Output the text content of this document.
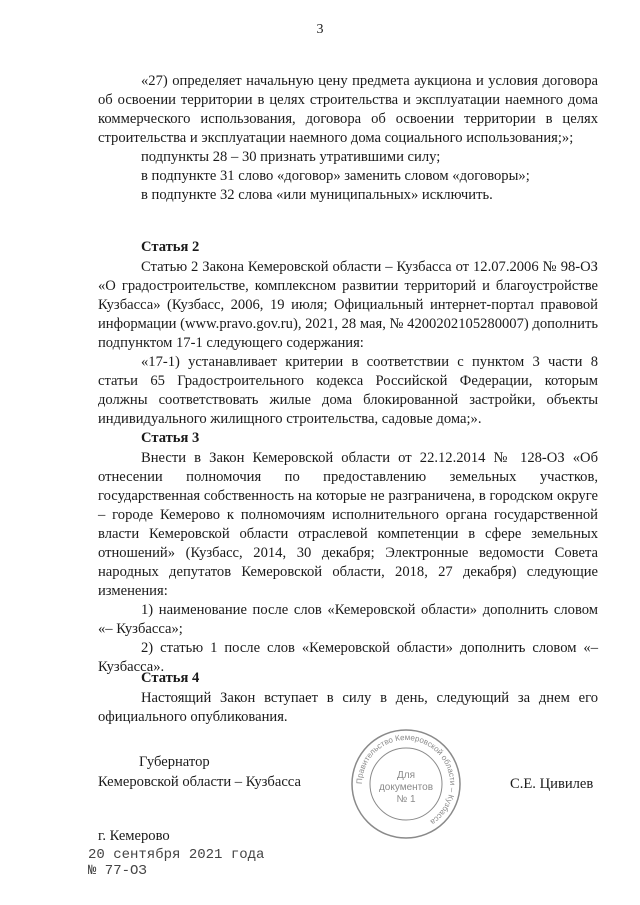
3

«27) определяет начальную цену предмета аукциона и условия договора об освоении территории в целях строительства и эксплуатации наемного дома коммерческого использования, договора об освоении территории в целях строительства и эксплуатации наемного дома социального использования;»;

подпункты 28 – 30 признать утратившими силу;

в подпункте 31 слово «договор» заменить словом «договоры»;

в подпункте 32 слова «или муниципальных» исключить.

Статья 2

Статью 2 Закона Кемеровской области – Кузбасса от 12.07.2006 № 98-ОЗ «О градостроительстве, комплексном развитии территорий и благоустройстве Кузбасса» (Кузбасс, 2006, 19 июля; Официальный интернет-портал правовой информации (www.pravo.gov.ru), 2021, 28 мая, № 4200202105280007) дополнить подпунктом 17-1 следующего содержания:

«17-1) устанавливает критерии в соответствии с пунктом 3 части 8 статьи 65 Градостроительного кодекса Российской Федерации, которым должны соответствовать жилые дома блокированной застройки, объекты индивидуального жилищного строительства, садовые дома;».

Статья 3

Внести в Закон Кемеровской области от 22.12.2014 № 128-ОЗ «Об отнесении полномочия по предоставлению земельных участков, государственная собственность на которые не разграничена, в городском округе – городе Кемерово к полномочиям исполнительного органа государственной власти Кемеровской области отраслевой компетенции в сфере земельных отношений» (Кузбасс, 2014, 30 декабря; Электронные ведомости Совета народных депутатов Кемеровской области, 2018, 27 декабря) следующие изменения:

1) наименование после слов «Кемеровской области» дополнить словом «– Кузбасса»;

2) статью 1 после слов «Кемеровской области» дополнить словом «– Кузбасса».

Статья 4

Настоящий Закон вступает в силу в день, следующий за днем его официального опубликования.

Губернатор
Кемеровской области – Кузбасса	С.Е. Цивилев
Правительство Кемеровской области – Кузбасса
Для
документов
№ 1
г. Кемерово
20 сентября 2021 года
№ 77-ОЗ
